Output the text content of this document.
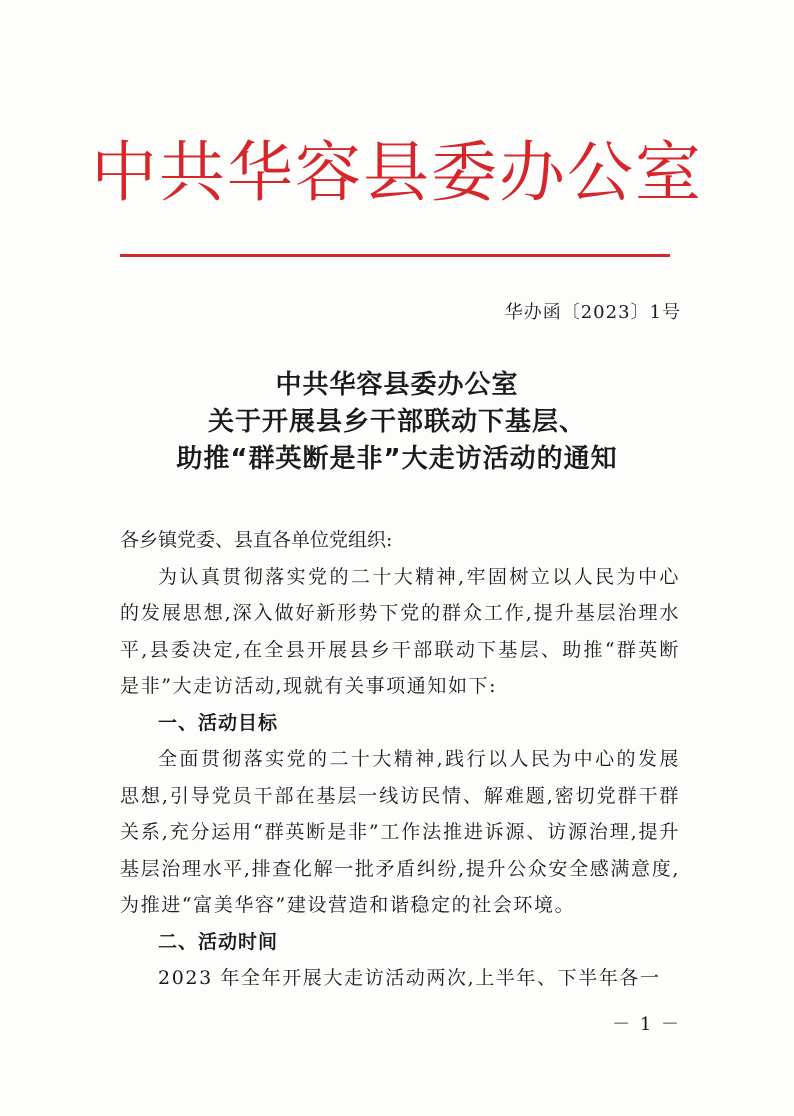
中共华容县委办公室
华办函〔2023〕1号
中共华容县委办公室
关于开展县乡干部联动下基层、
助推“群英断是非”大走访活动的通知

各乡镇党委、县直各单位党组织:

为认真贯彻落实党的二十大精神,牢固树立以人民为中心的发展思想,深入做好新形势下党的群众工作,提升基层治理水平,县委决定,在全县开展县乡干部联动下基层、助推“群英断是非”大走访活动,现就有关事项通知如下:

一、活动目标

全面贯彻落实党的二十大精神,践行以人民为中心的发展思想,引导党员干部在基层一线访民情、解难题,密切党群干群关系,充分运用“群英断是非”工作法推进诉源、访源治理,提升基层治理水平,排查化解一批矛盾纠纷,提升公众安全感满意度,为推进“富美华容”建设营造和谐稳定的社会环境。

二、活动时间

2023 年全年开展大走访活动两次,上半年、下半年各一

－ 1 －
